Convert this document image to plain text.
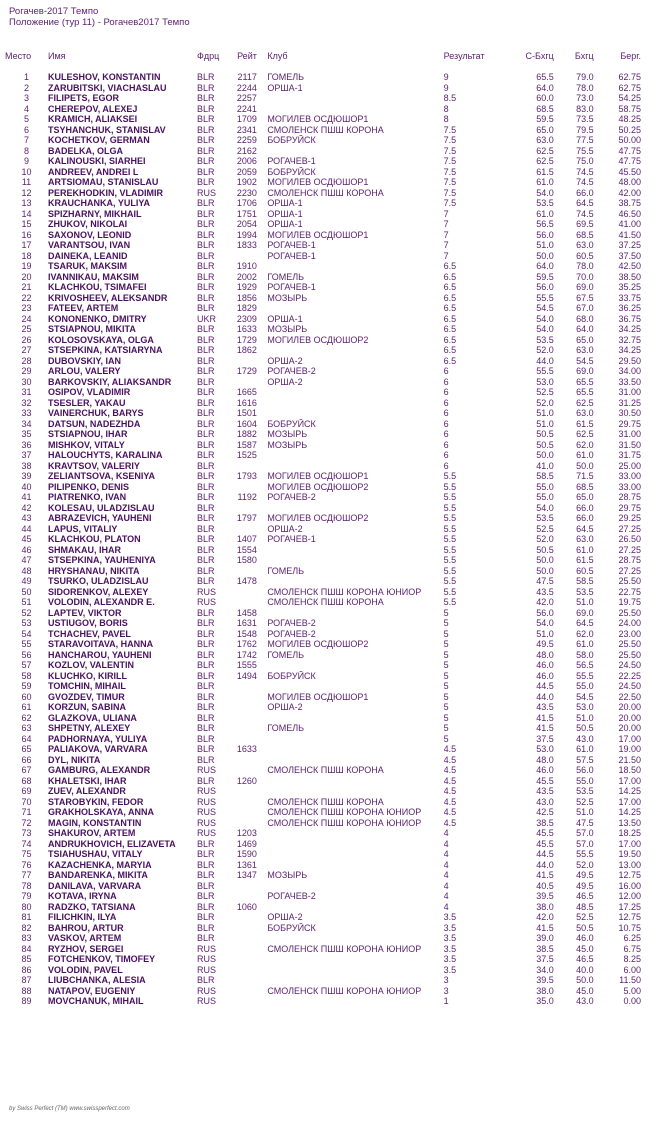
Рогачев-2017 Темпо
Положение (тур 11) - Рогачев2017 Темпо
Место	Имя	Фдрц	Рейт		Клуб	Результат	С-Бхгц	Бхгц	Берг.
1	KULESHOV, KONSTANTIN	BLR	2117		ГОМЕЛЬ	9	65.5	79.0	62.75
2	ZARUBITSKI, VIACHASLAU	BLR	2244		ОРША-1	9	64.0	78.0	62.75
3	FILIPETS, EGOR	BLR	2257			8.5	60.0	73.0	54.25
4	CHEREPOV, ALEXEJ	BLR	2241			8	68.5	83.0	58.75
5	KRAMICH, ALIAKSEI	BLR	1709		МОГИЛЕВ ОСДЮШОР1	8	59.5	73.5	48.25
6	TSYHANCHUK, STANISLAV	BLR	2341		СМОЛЕНСК ПШШ КОРОНА	7.5	65.0	79.5	50.25
7	KOCHETKOV, GERMAN	BLR	2259		БОБРУЙСК	7.5	63.0	77.5	50.00
8	BADELKA, OLGA	BLR	2162			7.5	62.5	75.5	47.75
9	KALINOUSKI, SIARHEI	BLR	2006		РОГАЧЕВ-1	7.5	62.5	75.0	47.75
10	ANDREEV, ANDREI L	BLR	2059		БОБРУЙСК	7.5	61.5	74.5	45.50
11	ARTSIOMAU, STANISLAU	BLR	1902		МОГИЛЕВ ОСДЮШОР1	7.5	61.0	74.5	48.00
12	PEREKHODKIN, VLADIMIR	RUS	2230		СМОЛЕНСК ПШШ КОРОНА	7.5	54.0	66.0	42.00
13	KRAUCHANKA, YULIYA	BLR	1706		ОРША-1	7.5	53.5	64.5	38.75
14	SPIZHARNY, MIKHAIL	BLR	1751		ОРША-1	7	61.0	74.5	46.50
15	ZHUKOV, NIKOLAI	BLR	2054		ОРША-1	7	56.5	69.5	41.00
16	SAXONOV, LEONID	BLR	1994		МОГИЛЕВ ОСДЮШОР1	7	56.0	68.5	41.50
17	VARANTSOU, IVAN	BLR	1833		РОГАЧЕВ-1	7	51.0	63.0	37.25
18	DAINEKA, LEANID	BLR			РОГАЧЕВ-1	7	50.0	60.5	37.50
19	TSARUK, MAKSIM	BLR	1910			6.5	64.0	78.0	42.50
20	IVANNIKAU, MAKSIM	BLR	2002		ГОМЕЛЬ	6.5	59.5	70.0	38.50
21	KLACHKOU, TSIMAFEI	BLR	1929		РОГАЧЕВ-1	6.5	56.0	69.0	35.25
22	KRIVOSHEEV, ALEKSANDR	BLR	1856		МОЗЫРЬ	6.5	55.5	67.5	33.75
23	FATEEV, ARTEM	BLR	1829			6.5	54.5	67.0	36.25
24	KONONENKO, DMITRY	UKR	2309		ОРША-1	6.5	54.0	68.0	36.75
25	STSIAPNOU, MIKITA	BLR	1633		МОЗЫРЬ	6.5	54.0	64.0	34.25
26	KOLOSOVSKAYA, OLGA	BLR	1729		МОГИЛЕВ ОСДЮШОР2	6.5	53.5	65.0	32.75
27	STSEPKINA, KATSIARYNA	BLR	1862			6.5	52.0	63.0	34.25
28	DUBOVSKIY, IAN	BLR			ОРША-2	6.5	44.0	54.5	29.50
29	ARLOU, VALERY	BLR	1729		РОГАЧЕВ-2	6	55.5	69.0	34.00
30	BARKOVSKIY, ALIAKSANDR	BLR			ОРША-2	6	53.0	65.5	33.50
31	OSIPOV, VLADIMIR	BLR	1665			6	52.5	65.5	31.00
32	TSESLER, YAKAU	BLR	1616			6	52.0	62.5	31.25
33	VAINERCHUK, BARYS	BLR	1501			6	51.0	63.0	30.50
34	DATSUN, NADEZHDA	BLR	1604		БОБРУЙСК	6	51.0	61.5	29.75
35	STSIAPNOU, IHAR	BLR	1882		МОЗЫРЬ	6	50.5	62.5	31.00
36	MISHKOV, VITALY	BLR	1587		МОЗЫРЬ	6	50.5	62.0	31.50
37	HALOUCHYTS, KARALINA	BLR	1525			6	50.0	61.0	31.75
38	KRAVTSOV, VALERIY	BLR				6	41.0	50.0	25.00
39	ZELIANTSOVA, KSENIYA	BLR	1793		МОГИЛЕВ ОСДЮШОР1	5.5	58.5	71.5	33.00
40	PILIPENKO, DENIS	BLR			МОГИЛЕВ ОСДЮШОР2	5.5	55.0	68.5	33.00
41	PIATRENKO, IVAN	BLR	1192		РОГАЧЕВ-2	5.5	55.0	65.0	28.75
42	KOLESAU, ULADZISLAU	BLR				5.5	54.0	66.0	29.75
43	ABRAZEVICH, YAUHENI	BLR	1797		МОГИЛЕВ ОСДЮШОР2	5.5	53.5	66.0	29.25
44	LAPUS, VITALIY	BLR			ОРША-2	5.5	52.5	64.5	27.25
45	KLACHKOU, PLATON	BLR	1407		РОГАЧЕВ-1	5.5	52.0	63.0	26.50
46	SHMAKAU, IHAR	BLR	1554			5.5	50.5	61.0	27.25
47	STSEPKINA, YAUHENIYA	BLR	1580			5.5	50.0	61.5	28.75
48	HRYSHANAU, NIKITA	BLR			ГОМЕЛЬ	5.5	50.0	60.5	27.25
49	TSURKO, ULADZISLAU	BLR	1478			5.5	47.5	58.5	25.50
50	SIDORENKOV, ALEXEY	RUS			СМОЛЕНСК ПШШ КОРОНА ЮНИОР	5.5	43.5	53.5	22.75
51	VOLODIN, ALEXANDR E.	RUS			СМОЛЕНСК ПШШ КОРОНА	5.5	42.0	51.0	19.75
52	LAPTEV, VIKTOR	BLR	1458			5	56.0	69.0	25.50
53	USTIUGOV, BORIS	BLR	1631		РОГАЧЕВ-2	5	54.0	64.5	24.00
54	TCHACHEV, PAVEL	BLR	1548		РОГАЧЕВ-2	5	51.0	62.0	23.00
55	STARAVOITAVA, HANNA	BLR	1762		МОГИЛЕВ ОСДЮШОР2	5	49.5	61.0	25.50
56	HANCHAROU, YAUHENI	BLR	1742		ГОМЕЛЬ	5	48.0	58.0	25.50
57	KOZLOV, VALENTIN	BLR	1555			5	46.0	56.5	24.50
58	KLUCHKO, KIRILL	BLR	1494		БОБРУЙСК	5	46.0	55.5	22.25
59	TOMCHIN, MIHAIL	BLR				5	44.5	55.0	24.50
60	GVOZDEV, TIMUR	BLR			МОГИЛЕВ ОСДЮШОР1	5	44.0	54.5	22.50
61	KORZUN, SABINA	BLR			ОРША-2	5	43.5	53.0	20.00
62	GLAZKOVA, ULIANA	BLR				5	41.5	51.0	20.00
63	SHPETNY, ALEXEY	BLR			ГОМЕЛЬ	5	41.5	50.5	20.00
64	PADHORNAYA, YULIYA	BLR				5	37.5	43.0	17.00
65	PALIAKOVA, VARVARA	BLR	1633			4.5	53.0	61.0	19.00
66	DYL, NIKITA	BLR				4.5	48.0	57.5	21.50
67	GAMBURG, ALEXANDR	RUS			СМОЛЕНСК ПШШ КОРОНА	4.5	46.0	56.0	18.50
68	KHALETSKI, IHAR	BLR	1260			4.5	45.5	55.0	17.00
69	ZUEV, ALEXANDR	RUS				4.5	43.5	53.5	14.25
70	STAROBYKIN, FEDOR	RUS			СМОЛЕНСК ПШШ КОРОНА	4.5	43.0	52.5	17.00
71	GRAKHOLSKAYA, ANNA	RUS			СМОЛЕНСК ПШШ КОРОНА ЮНИОР	4.5	42.5	51.0	14.25
72	MAGIN, KONSTANTIN	RUS			СМОЛЕНСК ПШШ КОРОНА ЮНИОР	4.5	38.5	47.5	13.50
73	SHAKUROV, ARTEM	RUS	1203			4	45.5	57.0	18.25
74	ANDRUKHOVICH, ELIZAVETA	BLR	1469			4	45.5	57.0	17.00
75	TSIAHUSHAU, VITALY	BLR	1590			4	44.5	55.5	19.50
76	KAZACHENKA, MARYIA	BLR	1361			4	44.0	52.0	13.00
77	BANDARENKA, MIKITA	BLR	1347		МОЗЫРЬ	4	41.5	49.5	12.75
78	DANILAVA, VARVARA	BLR				4	40.5	49.5	16.00
79	KOTAVA, IRYNA	BLR			РОГАЧЕВ-2	4	39.5	46.5	12.00
80	RADZKO, TATSIANA	BLR	1060			4	38.0	48.5	17.25
81	FILICHKIN, ILYA	BLR			ОРША-2	3.5	42.0	52.5	12.75
82	BAHROU, ARTUR	BLR			БОБРУЙСК	3.5	41.5	50.5	10.75
83	VASKOV, ARTEM	BLR				3.5	39.0	46.0	6.25
84	RYZHOV, SERGEI	RUS			СМОЛЕНСК ПШШ КОРОНА ЮНИОР	3.5	38.5	45.0	6.75
85	FOTCHENKOV, TIMOFEY	RUS				3.5	37.5	46.5	8.25
86	VOLODIN, PAVEL	RUS				3.5	34.0	40.0	6.00
87	LIUBCHANKA, ALESIA	BLR				3	39.5	50.0	11.50
88	NATAPOV, EUGENIY	RUS			СМОЛЕНСК ПШШ КОРОНА ЮНИОР	3	38.0	45.0	5.00
89	MOVCHANUK, MIHAIL	RUS				1	35.0	43.0	0.00
by Swiss Perfect (TM) www.swissperfect.com
